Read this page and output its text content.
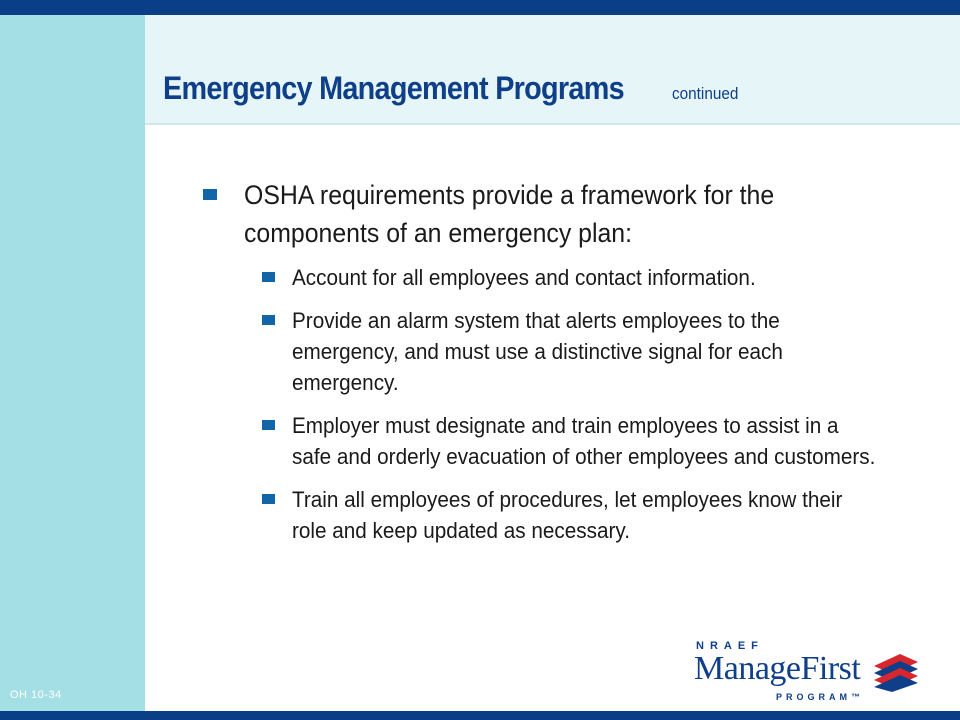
Emergency Management Programs	continued
OSHA requirements provide a framework for the components of an emergency plan:
Account for all employees and contact information.
Provide an alarm system that alerts employees to the emergency, and must use a distinctive signal for each emergency.
Employer must designate and train employees to assist in a safe and orderly evacuation of other employees and customers.
Train all employees of procedures, let employees know their role and keep updated as necessary.
OH 10-34
NRAEF
ManageFirst
PROGRAM™
